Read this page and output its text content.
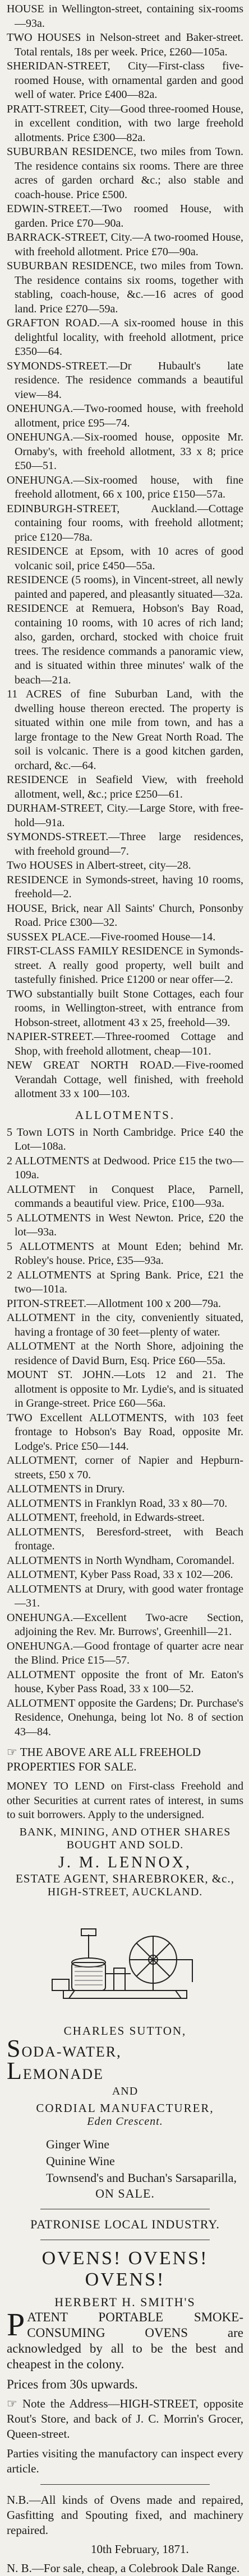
HOUSE in Wellington-street, containing six-rooms—93a.
TWO HOUSES in Nelson-street and Baker-street. Total rentals, 18s per week. Price, £260—105a.
SHERIDAN-STREET, City—First-class five-roomed House, with ornamental garden and good well of water. Price £400—82a.
PRATT-STREET, City—Good three-roomed House, in excellent condition, with two large freehold allotments. Price £300—82a.
SUBURBAN RESIDENCE, two miles from Town. The residence contains six rooms. There are three acres of garden orchard &c.; also stable and coach-house. Price £500.
EDWIN-STREET.—Two roomed House, with garden. Price £70—90a.
BARRACK-STREET, City.—A two-roomed House, with freehold allotment. Price £70—90a.
SUBURBAN RESIDENCE, two miles from Town. The residence contains six rooms, together with stabling, coach-house, &c.—16 acres of good land. Price £270—59a.
GRAFTON ROAD.—A six-roomed house in this delightful locality, with freehold allotment, price £350—64.
SYMONDS-STREET.—Dr Hubault's late residence. The residence commands a beautiful view—84.
ONEHUNGA.—Two-roomed house, with freehold allotment, price £95—74.
ONEHUNGA.—Six-roomed house, opposite Mr. Ornaby's, with freehold allotment, 33 x 8; price £50—51.
ONEHUNGA.—Six-roomed house, with fine freehold allotment, 66 x 100, price £150—57a.
EDINBURGH-STREET, Auckland.—Cottage containing four rooms, with freehold allotment; price £120—78a.
RESIDENCE at Epsom, with 10 acres of good volcanic soil, price £450—55a.
RESIDENCE (5 rooms), in Vincent-street, all newly painted and papered, and pleasantly situated—32a.
RESIDENCE at Remuera, Hobson's Bay Road, containing 10 rooms, with 10 acres of rich land; also, garden, orchard, stocked with choice fruit trees. The residence commands a panoramic view, and is situated within three minutes' walk of the beach—21a.
11 ACRES of fine Suburban Land, with the dwelling house thereon erected. The property is situated within one mile from town, and has a large frontage to the New Great North Road. The soil is volcanic. There is a good kitchen garden, orchard, &c.—64.
RESIDENCE in Seafield View, with freehold allotment, well, &c.; price £250—61.
DURHAM-STREET, City.—Large Store, with free-hold—91a.
SYMONDS-STREET.—Three large residences, with freehold ground—7.
Two HOUSES in Albert-street, city—28.
RESIDENCE in Symonds-street, having 10 rooms, freehold—2.
HOUSE, Brick, near All Saints' Church, Ponsonby Road. Price £300—32.
SUSSEX PLACE.—Five-roomed House—14.
FIRST-CLASS FAMILY RESIDENCE in Symonds-street. A really good property, well built and tastefully finished. Price £1200 or near offer—2.
TWO substantially built Stone Cottages, each four rooms, in Wellington-street, with entrance from Hobson-street, allotment 43 x 25, freehold—39.
NAPIER-STREET.—Three-roomed Cottage and Shop, with freehold allotment, cheap—101.
NEW GREAT NORTH ROAD.—Five-roomed Verandah Cottage, well finished, with freehold allotment 33 x 100—103.
ALLOTMENTS.
5 Town LOTS in North Cambridge. Price £40 the Lot—108a.
2 ALLOTMENTS at Dedwood. Price £15 the two—109a.
ALLOTMENT in Conquest Place, Parnell, commands a beautiful view. Price, £100—93a.
5 ALLOTMENTS in West Newton. Price, £20 the lot—93a.
5 ALLOTMENTS at Mount Eden; behind Mr. Robley's house. Price, £35—93a.
2 ALLOTMENTS at Spring Bank. Price, £21 the two—101a.
PITON-STREET.—Allotment 100 x 200—79a.
ALLOTMENT in the city, conveniently situated, having a frontage of 30 feet—plenty of water.
ALLOTMENT at the North Shore, adjoining the residence of David Burn, Esq. Price £60—55a.
MOUNT ST. JOHN.—Lots 12 and 21. The allotment is opposite to Mr. Lydie's, and is situated in Grange-street. Price £60—56a.
TWO Excellent ALLOTMENTS, with 103 feet frontage to Hobson's Bay Road, opposite Mr. Lodge's. Price £50—144.
ALLOTMENT, corner of Napier and Hepburn-streets, £50 x 70.
ALLOTMENTS in Drury.
ALLOTMENTS in Franklyn Road, 33 x 80—70.
ALLOTMENT, freehold, in Edwards-street.
ALLOTMENTS, Beresford-street, with Beach frontage.
ALLOTMENTS in North Wyndham, Coromandel.
ALLOTMENT, Kyber Pass Road, 33 x 102—206.
ALLOTMENTS at Drury, with good water frontage—31.
ONEHUNGA.—Excellent Two-acre Section, adjoining the Rev. Mr. Burrows', Greenhill—21.
ONEHUNGA.—Good frontage of quarter acre near the Blind. Price £15—57.
ALLOTMENT opposite the front of Mr. Eaton's house, Kyber Pass Road, 33 x 100—52.
ALLOTMENT opposite the Gardens; Dr. Purchase's Residence, Onehunga, being lot No. 8 of section 43—84.
☞ THE ABOVE ARE ALL FREEHOLD PROPERTIES FOR SALE.
MONEY TO LEND on First-class Freehold and other Securities at current rates of interest, in sums to suit borrowers. Apply to the undersigned.
BANK, MINING, AND OTHER SHARES
BOUGHT AND SOLD.
J. M. LENNOX,
ESTATE AGENT, SHAREBROKER, &c.,
HIGH-STREET, AUCKLAND.
CHARLES SUTTON,
SODA-WATER,  LEMONADE
AND
CORDIAL MANUFACTURER,
Eden Crescent.
Ginger Wine
Quinine Wine
Townsend's and Buchan's Sarsaparilla,
ON SALE.
PATRONISE LOCAL INDUSTRY.
OVENS! OVENS! OVENS!
HERBERT H. SMITH'S
PATENT PORTABLE SMOKE-CONSUMING OVENS are acknowledged by all to be the best and cheapest in the colony.
Prices from 30s upwards.
☞ Note the Address—HIGH-STREET, opposite Rout's Store, and back of J. C. Morrin's Grocer, Queen-street.
Parties visiting the manufactory can inspect every article.
N.B.—All kinds of Ovens made and repaired, Gasfitting and Spouting fixed, and machinery repaired.
10th February, 1871.
N. B.—For sale, cheap, a Colebrook Dale Range.
